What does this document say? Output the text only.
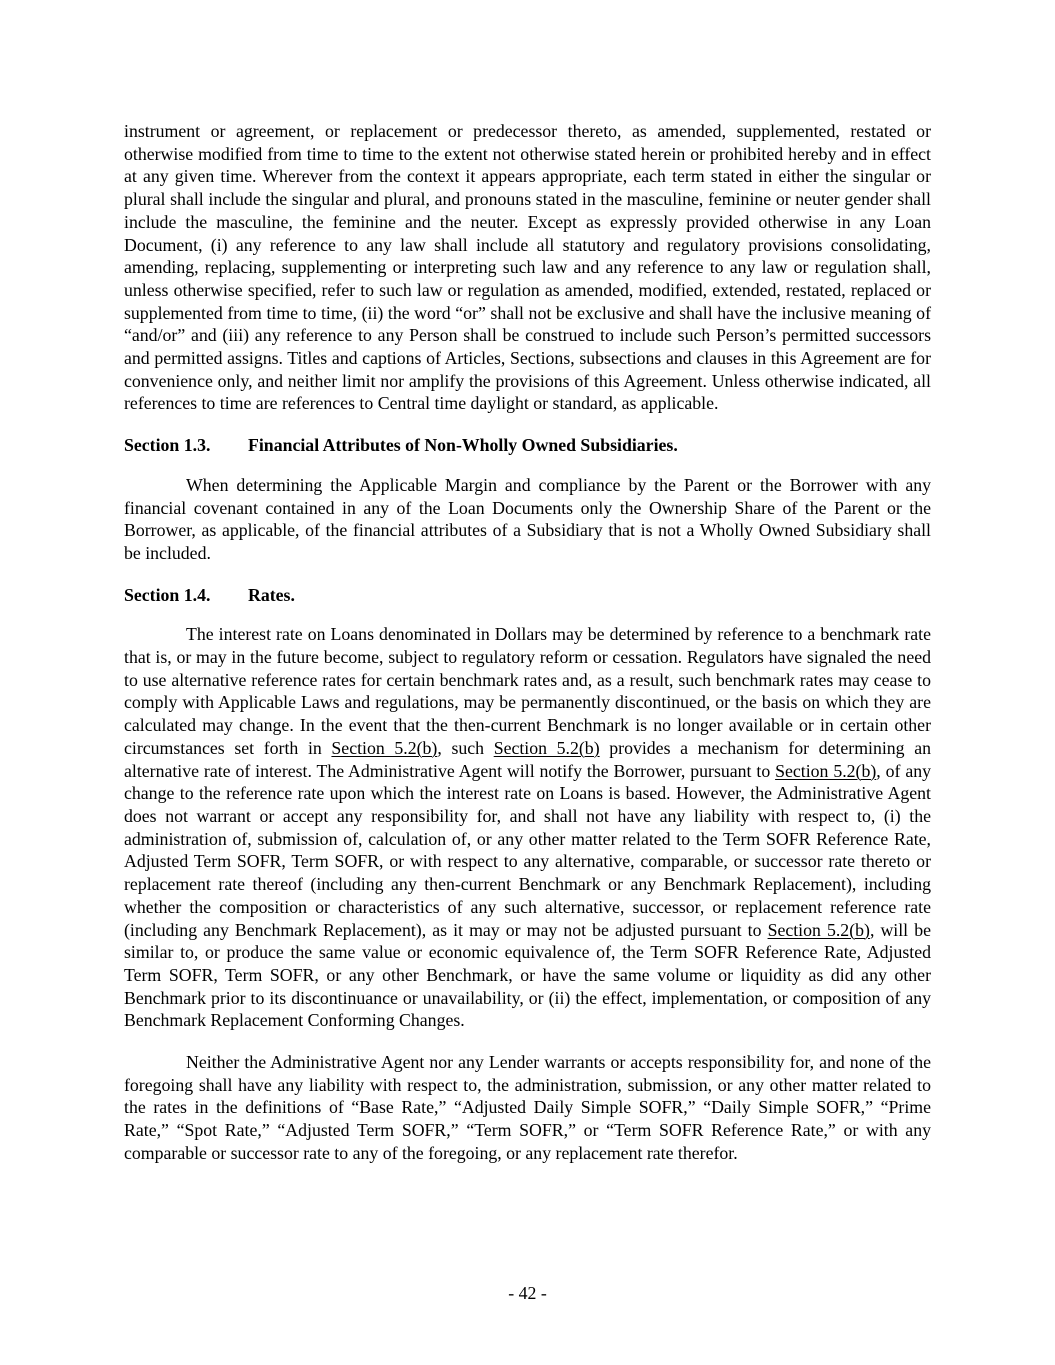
instrument or agreement, or replacement or predecessor thereto, as amended, supplemented, restated or otherwise modified from time to time to the extent not otherwise stated herein or prohibited hereby and in effect at any given time. Wherever from the context it appears appropriate, each term stated in either the singular or plural shall include the singular and plural, and pronouns stated in the masculine, feminine or neuter gender shall include the masculine, the feminine and the neuter. Except as expressly provided otherwise in any Loan Document, (i) any reference to any law shall include all statutory and regulatory provisions consolidating, amending, replacing, supplementing or interpreting such law and any reference to any law or regulation shall, unless otherwise specified, refer to such law or regulation as amended, modified, extended, restated, replaced or supplemented from time to time, (ii) the word “or” shall not be exclusive and shall have the inclusive meaning of “and/or” and (iii) any reference to any Person shall be construed to include such Person’s permitted successors and permitted assigns. Titles and captions of Articles, Sections, subsections and clauses in this Agreement are for convenience only, and neither limit nor amplify the provisions of this Agreement. Unless otherwise indicated, all references to time are references to Central time daylight or standard, as applicable.

Section 1.3. Financial Attributes of Non-Wholly Owned Subsidiaries.

When determining the Applicable Margin and compliance by the Parent or the Borrower with any financial covenant contained in any of the Loan Documents only the Ownership Share of the Parent or the Borrower, as applicable, of the financial attributes of a Subsidiary that is not a Wholly Owned Subsidiary shall be included.

Section 1.4. Rates.

The interest rate on Loans denominated in Dollars may be determined by reference to a benchmark rate that is, or may in the future become, subject to regulatory reform or cessation. Regulators have signaled the need to use alternative reference rates for certain benchmark rates and, as a result, such benchmark rates may cease to comply with Applicable Laws and regulations, may be permanently discontinued, or the basis on which they are calculated may change. In the event that the then-current Benchmark is no longer available or in certain other circumstances set forth in Section 5.2(b), such Section 5.2(b) provides a mechanism for determining an alternative rate of interest. The Administrative Agent will notify the Borrower, pursuant to Section 5.2(b), of any change to the reference rate upon which the interest rate on Loans is based. However, the Administrative Agent does not warrant or accept any responsibility for, and shall not have any liability with respect to, (i) the administration of, submission of, calculation of, or any other matter related to the Term SOFR Reference Rate, Adjusted Term SOFR, Term SOFR, or with respect to any alternative, comparable, or successor rate thereto or replacement rate thereof (including any then-current Benchmark or any Benchmark Replacement), including whether the composition or characteristics of any such alternative, successor, or replacement reference rate (including any Benchmark Replacement), as it may or may not be adjusted pursuant to Section 5.2(b), will be similar to, or produce the same value or economic equivalence of, the Term SOFR Reference Rate, Adjusted Term SOFR, Term SOFR, or any other Benchmark, or have the same volume or liquidity as did any other Benchmark prior to its discontinuance or unavailability, or (ii) the effect, implementation, or composition of any Benchmark Replacement Conforming Changes.

Neither the Administrative Agent nor any Lender warrants or accepts responsibility for, and none of the foregoing shall have any liability with respect to, the administration, submission, or any other matter related to the rates in the definitions of “Base Rate,” “Adjusted Daily Simple SOFR,” “Daily Simple SOFR,” “Prime Rate,” “Spot Rate,” “Adjusted Term SOFR,” “Term SOFR,” or “Term SOFR Reference Rate,” or with any comparable or successor rate to any of the foregoing, or any replacement rate therefor.

- 42 -
